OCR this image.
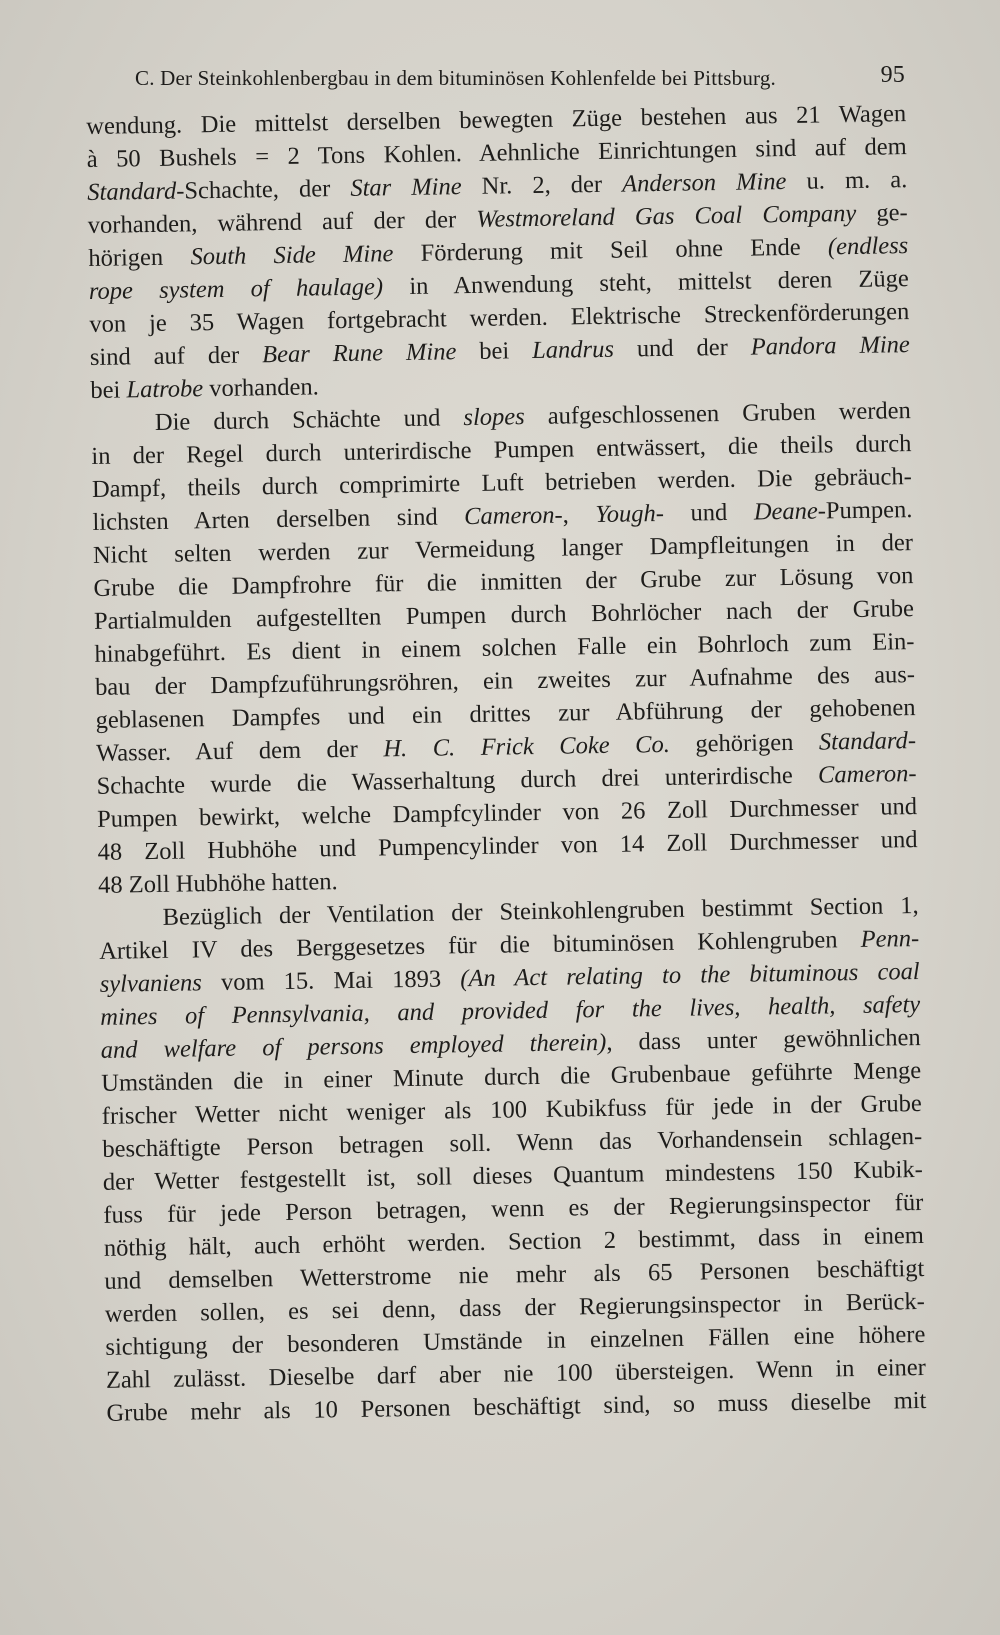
C. Der Steinkohlenbergbau in dem bituminösen Kohlenfelde bei Pittsburg.	95
wendung. Die mittelst derselben bewegten Züge bestehen aus 21 Wagen
à 50 Bushels = 2 Tons Kohlen. Aehnliche Einrichtungen sind auf dem
Standard-Schachte, der Star Mine Nr. 2, der Anderson Mine u. m. a.
vorhanden, während auf der der Westmoreland Gas Coal Company ge-
hörigen South Side Mine Förderung mit Seil ohne Ende (endless
rope system of haulage) in Anwendung steht, mittelst deren Züge
von je 35 Wagen fortgebracht werden. Elektrische Streckenförderungen
sind auf der Bear Rune Mine bei Landrus und der Pandora Mine
bei Latrobe vorhanden.
Die durch Schächte und slopes aufgeschlossenen Gruben werden
in der Regel durch unterirdische Pumpen entwässert, die theils durch
Dampf, theils durch comprimirte Luft betrieben werden. Die gebräuch-
lichsten Arten derselben sind Cameron-, Yough- und Deane-Pumpen.
Nicht selten werden zur Vermeidung langer Dampfleitungen in der
Grube die Dampfrohre für die inmitten der Grube zur Lösung von
Partialmulden aufgestellten Pumpen durch Bohrlöcher nach der Grube
hinabgeführt. Es dient in einem solchen Falle ein Bohrloch zum Ein-
bau der Dampfzuführungsröhren, ein zweites zur Aufnahme des aus-
geblasenen Dampfes und ein drittes zur Abführung der gehobenen
Wasser. Auf dem der H. C. Frick Coke Co. gehörigen Standard-
Schachte wurde die Wasserhaltung durch drei unterirdische Cameron-
Pumpen bewirkt, welche Dampfcylinder von 26 Zoll Durchmesser und
48 Zoll Hubhöhe und Pumpencylinder von 14 Zoll Durchmesser und
48 Zoll Hubhöhe hatten.
Bezüglich der Ventilation der Steinkohlengruben bestimmt Section 1,
Artikel IV des Berggesetzes für die bituminösen Kohlengruben Penn-
sylvaniens vom 15. Mai 1893 (An Act relating to the bituminous coal
mines of Pennsylvania, and provided for the lives, health, safety
and welfare of persons employed therein), dass unter gewöhnlichen
Umständen die in einer Minute durch die Grubenbaue geführte Menge
frischer Wetter nicht weniger als 100 Kubikfuss für jede in der Grube
beschäftigte Person betragen soll. Wenn das Vorhandensein schlagen-
der Wetter festgestellt ist, soll dieses Quantum mindestens 150 Kubik-
fuss für jede Person betragen, wenn es der Regierungsinspector für
nöthig hält, auch erhöht werden. Section 2 bestimmt, dass in einem
und demselben Wetterstrome nie mehr als 65 Personen beschäftigt
werden sollen, es sei denn, dass der Regierungsinspector in Berück-
sichtigung der besonderen Umstände in einzelnen Fällen eine höhere
Zahl zulässt. Dieselbe darf aber nie 100 übersteigen. Wenn in einer
Grube mehr als 10 Personen beschäftigt sind, so muss dieselbe mit
